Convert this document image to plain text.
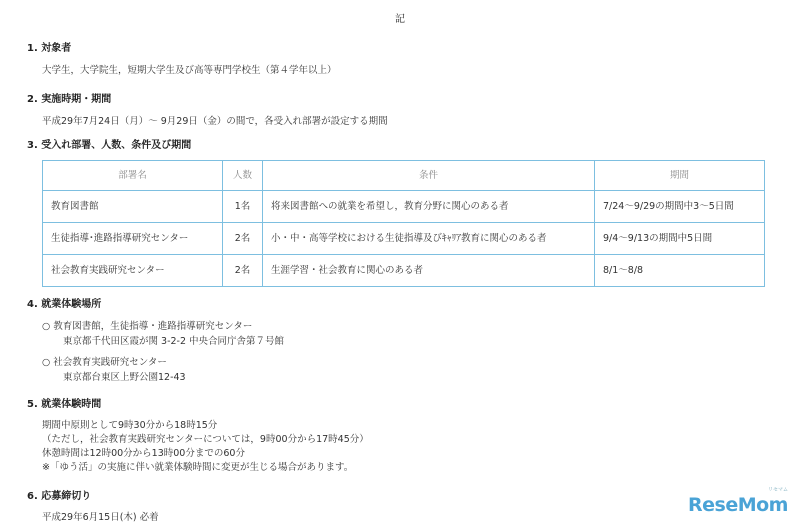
記
1. 対象者
大学生，大学院生，短期大学生及び高等専門学校生（第４学年以上）
2. 実施時期・期間
平成29年7月24日（月）～ 9月29日（金）の間で，各受入れ部署が設定する期間
3. 受入れ部署、人数、条件及び期間
部署名	人数	条件	期間
教育図書館	1名	将来図書館への就業を希望し，教育分野に関心のある者	7/24～9/29の期間中3～5日間
生徒指導･進路指導研究センター	2名	小・中・高等学校における生徒指導及びｷｬﾘｱ教育に関心のある者	9/4～9/13の期間中5日間
社会教育実践研究センター	2名	生涯学習・社会教育に関心のある者	8/1～8/8
4. 就業体験場所
○ 教育図書館，生徒指導・進路指導研究センター
東京都千代田区霞が関 3-2-2 中央合同庁舎第７号館
○ 社会教育実践研究センター
東京都台東区上野公園12-43
5. 就業体験時間
期間中原則として9時30分から18時15分
（ただし，社会教育実践研究センターについては，9時00分から17時45分）
休憩時間は12時00分から13時00分までの60分
※「ゆう活」の実施に伴い就業体験時間に変更が生じる場合があります。
6. 応募締切り
平成29年6月15日(木) 必着
リセマム
ReseMom
